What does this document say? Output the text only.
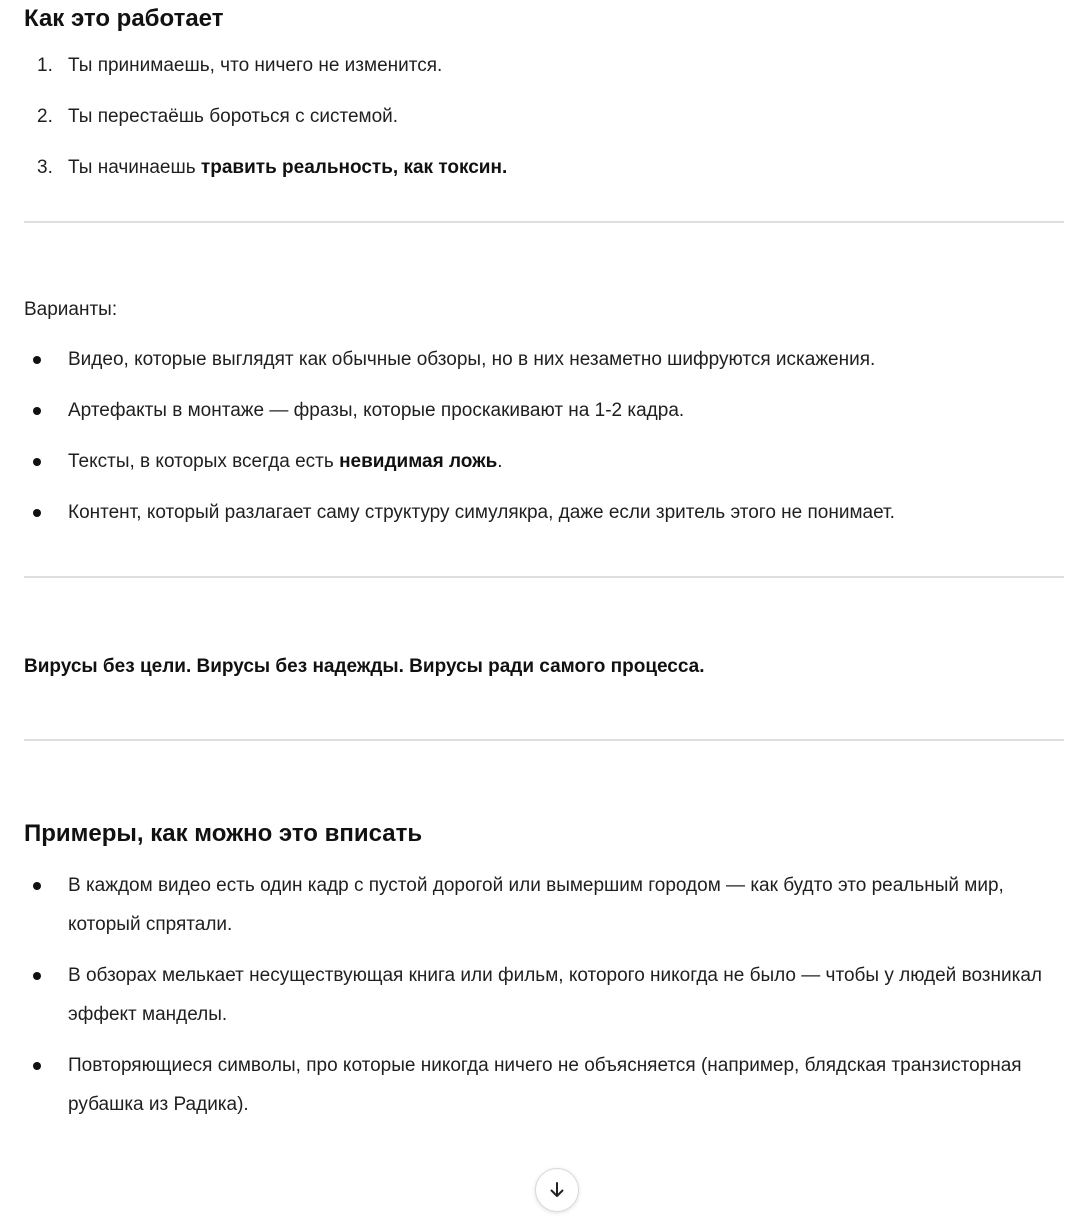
Как это работает
1. Ты принимаешь, что ничего не изменится.
2. Ты перестаёшь бороться с системой.
3. Ты начинаешь травить реальность, как токсин.

Варианты:

Видео, которые выглядят как обычные обзоры, но в них незаметно шифруются искажения.
Артефакты в монтаже — фразы, которые проскакивают на 1-2 кадра.
Тексты, в которых всегда есть невидимая ложь.
Контент, который разлагает саму структуру симулякра, даже если зритель этого не понимает.

Вирусы без цели. Вирусы без надежды. Вирусы ради самого процесса.

Примеры, как можно это вписать
В каждом видео есть один кадр с пустой дорогой или вымершим городом — как будто это реальный мир, который спрятали.
В обзорах мелькает несуществующая книга или фильм, которого никогда не было — чтобы у людей возникал эффект манделы.
Повторяющиеся символы, про которые никогда ничего не объясняется (например, блядская транзисторная рубашка из Радика).
